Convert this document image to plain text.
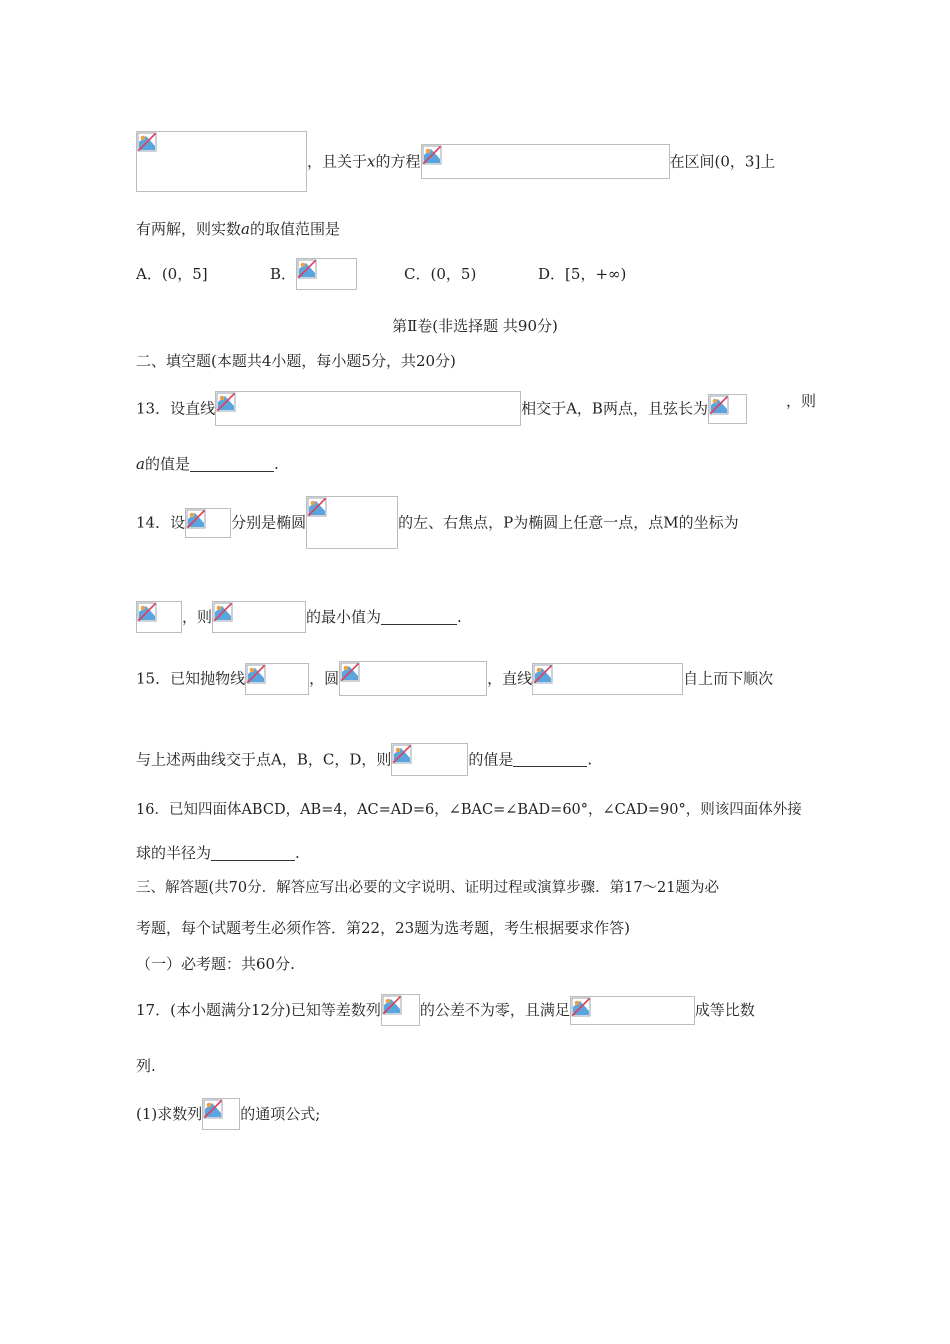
，且关于x的方程	在区间(0，3]上
有两解，则实数a的取值范围是
A．(0，5]	B．	C．(0，5)	D．[5，+∞)
第Ⅱ卷(非选择题 共90分)
二、填空题(本题共4小题，每小题5分，共20分)
13．设直线	相交于A，B两点，且弦长为	，则
a的值是	.
14．设	分别是椭圆	的左、右焦点，P为椭圆上任意一点，点M的坐标为
，则	的最小值为	.
15．已知抛物线	，圆	，直线	自上而下顺次
与上述两曲线交于点A，B，C，D，则	的值是	.
16．已知四面体ABCD，AB=4，AC=AD=6，∠BAC=∠BAD=60°，∠CAD=90°，则该四面体外接
球的半径为	.
三、解答题(共70分．解答应写出必要的文字说明、证明过程或演算步骤．第17～21题为必
考题，每个试题考生必须作答．第22，23题为选考题，考生根据要求作答)
（一）必考题：共60分.
17．(本小题满分12分)已知等差数列	的公差不为零，且满足	成等比数
列.
(1)求数列	的通项公式;
